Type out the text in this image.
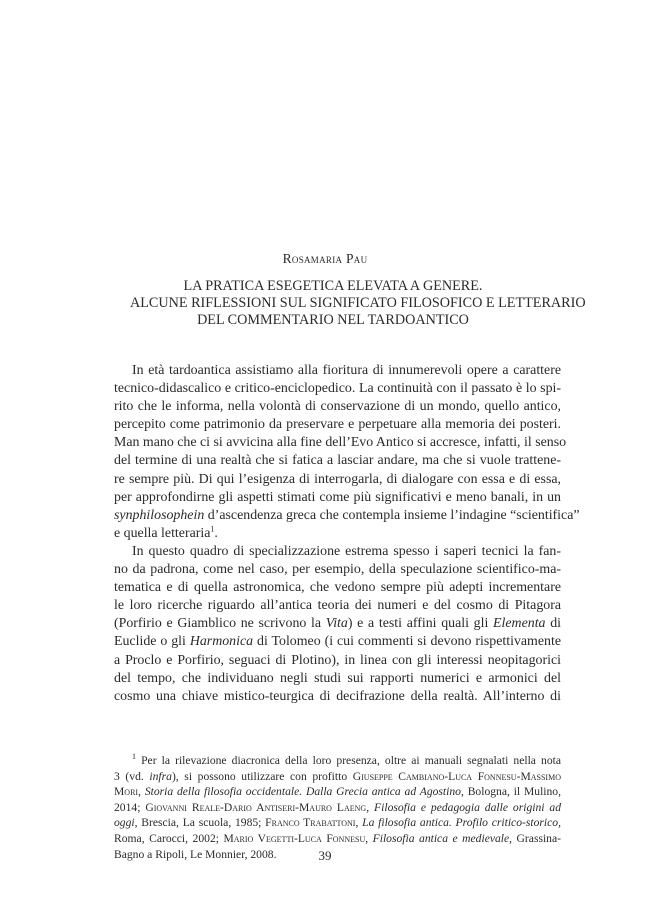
Rosamaria Pau
LA PRATICA ESEGETICA ELEVATA A GENERE.
ALCUNE RIFLESSIONI SUL SIGNIFICATO FILOSOFICO E LETTERARIO
DEL COMMENTARIO NEL TARDOANTICO
In età tardoantica assistiamo alla fioritura di innumerevoli opere a carattere
tecnico-didascalico e critico-enciclopedico. La continuità con il passato è lo spi-
rito che le informa, nella volontà di conservazione di un mondo, quello antico,
percepito come patrimonio da preservare e perpetuare alla memoria dei posteri.
Man mano che ci si avvicina alla fine dell’Evo Antico si accresce, infatti, il senso
del termine di una realtà che si fatica a lasciar andare, ma che si vuole trattene-
re sempre più. Di qui l’esigenza di interrogarla, di dialogare con essa e di essa,
per approfondirne gli aspetti stimati come più significativi e meno banali, in un
synphilosophein d’ascendenza greca che contempla insieme l’indagine “scientifica”
e quella letteraria$^1$.
In questo quadro di specializzazione estrema spesso i saperi tecnici la fan-
no da padrona, come nel caso, per esempio, della speculazione scientifico-ma-
tematica e di quella astronomica, che vedono sempre più adepti incrementare
le loro ricerche riguardo all’antica teoria dei numeri e del cosmo di Pitagora
(Porfirio e Giamblico ne scrivono la Vita) e a testi affini quali gli Elementa di
Euclide o gli Harmonica di Tolomeo (i cui commenti si devono rispettivamente
a Proclo e Porfirio, seguaci di Plotino), in linea con gli interessi neopitagorici
del tempo, che individuano negli studi sui rapporti numerici e armonici del
cosmo una chiave mistico-teurgica di decifrazione della realtà. All’interno di
$^1$ Per la rilevazione diacronica della loro presenza, oltre ai manuali segnalati nella nota
3 (vd. infra), si possono utilizzare con profitto Giuseppe Cambiano-Luca Fonnesu-Massimo
Mori, Storia della filosofia occidentale. Dalla Grecia antica ad Agostino, Bologna, il Mulino,
2014; Giovanni Reale-Dario Antiseri-Mauro Laeng, Filosofia e pedagogia dalle origini ad
oggi, Brescia, La scuola, 1985; Franco Trabattoni, La filosofia antica. Profilo critico-storico,
Roma, Carocci, 2002; Mario Vegetti-Luca Fonnesu, Filosofia antica e medievale, Grassina-
Bagno a Ripoli, Le Monnier, 2008.	39
